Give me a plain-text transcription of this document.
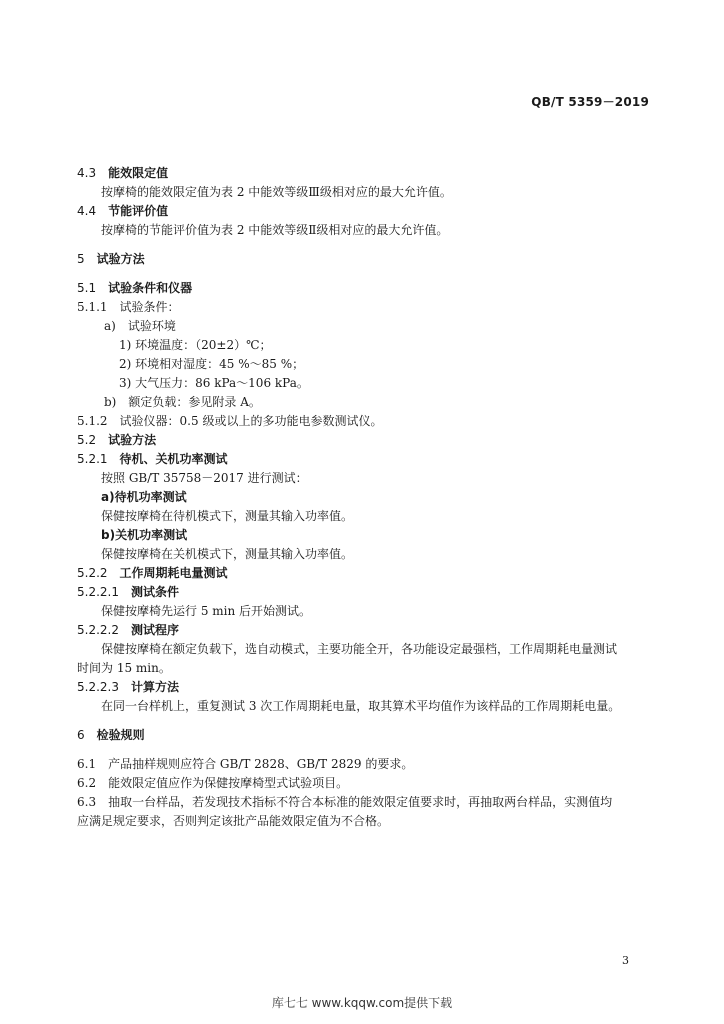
QB/T 5359－2019
4.3 能效限定值
按摩椅的能效限定值为表 2 中能效等级Ⅲ级相对应的最大允许值。
4.4 节能评价值
按摩椅的节能评价值为表 2 中能效等级Ⅱ级相对应的最大允许值。
5 试验方法
5.1 试验条件和仪器
5.1.1 试验条件：
a) 试验环境
1) 环境温度：（20±2）℃；
2) 环境相对湿度：45 %～85 %；
3) 大气压力：86 kPa～106 kPa。
b) 额定负载：参见附录 A。
5.1.2 试验仪器：0.5 级或以上的多功能电参数测试仪。
5.2 试验方法
5.2.1 待机、关机功率测试
按照 GB/T 35758－2017 进行测试：
a)待机功率测试
保健按摩椅在待机模式下，测量其输入功率值。
b)关机功率测试
保健按摩椅在关机模式下，测量其输入功率值。
5.2.2 工作周期耗电量测试
5.2.2.1 测试条件
保健按摩椅先运行 5 min 后开始测试。
5.2.2.2 测试程序
保健按摩椅在额定负载下，选自动模式，主要功能全开，各功能设定最强档，工作周期耗电量测试
时间为 15 min。
5.2.2.3 计算方法
在同一台样机上，重复测试 3 次工作周期耗电量，取其算术平均值作为该样品的工作周期耗电量。
6 检验规则
6.1 产品抽样规则应符合 GB/T 2828、GB/T 2829 的要求。
6.2 能效限定值应作为保健按摩椅型式试验项目。
6.3 抽取一台样品，若发现技术指标不符合本标准的能效限定值要求时，再抽取两台样品，实测值均
应满足规定要求，否则判定该批产品能效限定值为不合格。
3
库七七 www.kqqw.com提供下载
